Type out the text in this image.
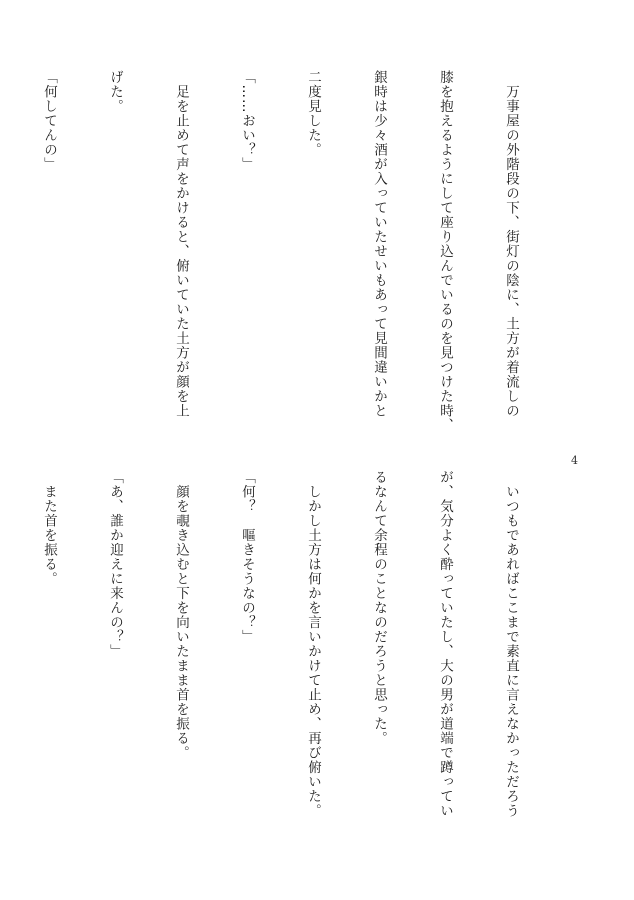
　万事屋の外階段の下、街灯の陰に、土方が着流しの

膝を抱えるようにして座り込んでいるのを見つけた時、

銀時は少々酒が入っていたせいもあって見間違いかと

二度見した。

「……おい？」

　足を止めて声をかけると、俯いていた土方が顔を上

げた。

「何してんの」

　いつもであればここまで素直に言えなかっただろう

が、気分よく酔っていたし、大の男が道端で蹲ってい

るなんて余程のことなのだろうと思った。

　しかし土方は何かを言いかけて止め、再び俯いた。

「何？　嘔きそうなの？」

　顔を覗き込むと下を向いたまま首を振る。

「あ、誰か迎えに来んの？」

　また首を振る。

4
